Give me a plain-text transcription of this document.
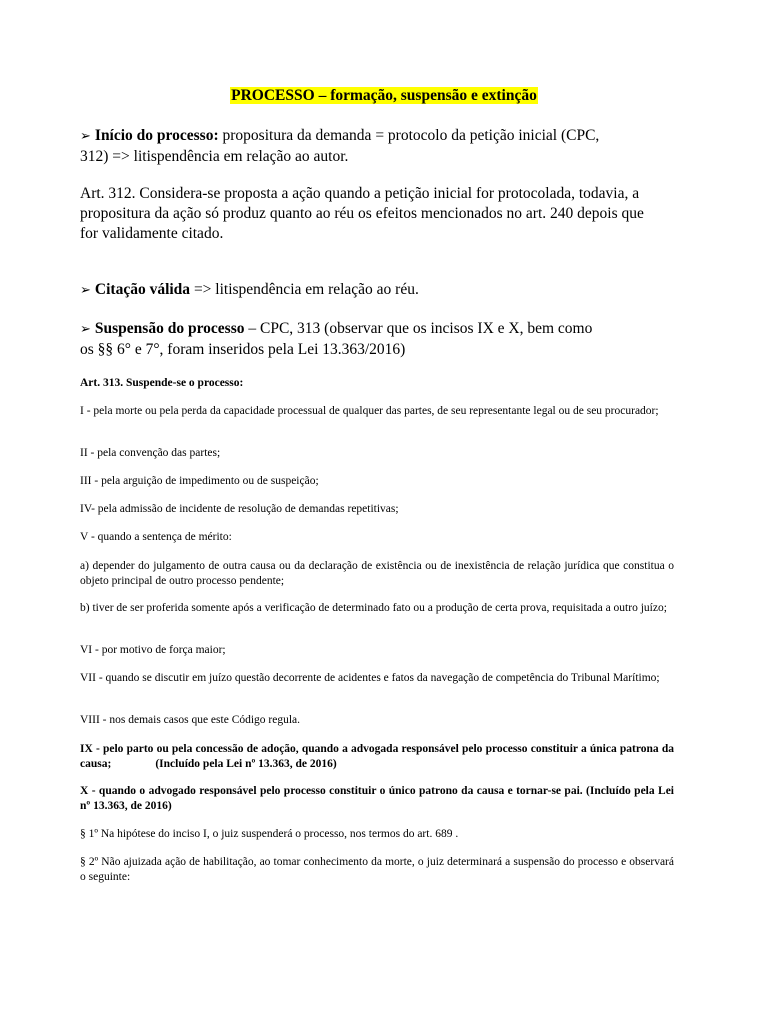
PROCESSO – formação, suspensão e extinção
➢ Início do processo: propositura da demanda = protocolo da petição inicial (CPC,
312) => litispendência em relação ao autor.
Art. 312. Considera-se proposta a ação quando a petição inicial for protocolada, todavia, a
propositura da ação só produz quanto ao réu os efeitos mencionados no art. 240 depois que
for validamente citado.
➢ Citação válida => litispendência em relação ao réu.
➢ Suspensão do processo – CPC, 313 (observar que os incisos IX e X, bem como
os §§ 6° e 7°, foram inseridos pela Lei 13.363/2016)
Art. 313. Suspende-se o processo:
I - pela morte ou pela perda da capacidade processual de qualquer das partes, de seu representante legal ou de seu procurador;
II - pela convenção das partes;
III - pela arguição de impedimento ou de suspeição;
IV- pela admissão de incidente de resolução de demandas repetitivas;
V - quando a sentença de mérito:
a) depender do julgamento de outra causa ou da declaração de existência ou de inexistência de relação jurídica que constitua o objeto principal de outro processo pendente;
b) tiver de ser proferida somente após a verificação de determinado fato ou a produção de certa prova, requisitada a outro juízo;
VI - por motivo de força maior;
VII - quando se discutir em juízo questão decorrente de acidentes e fatos da navegação de competência do Tribunal Marítimo;
VIII - nos demais casos que este Código regula.
IX - pelo parto ou pela concessão de adoção, quando a advogada responsável pelo processo constituir a única patrona da causa;	(Incluído pela Lei nº 13.363, de 2016)
X - quando o advogado responsável pelo processo constituir o único patrono da causa e tornar-se pai. (Incluído pela Lei nº 13.363, de 2016)
§ 1º Na hipótese do inciso I, o juiz suspenderá o processo, nos termos do art. 689 .
§ 2º Não ajuizada ação de habilitação, ao tomar conhecimento da morte, o juiz determinará a suspensão do processo e observará o seguinte:
